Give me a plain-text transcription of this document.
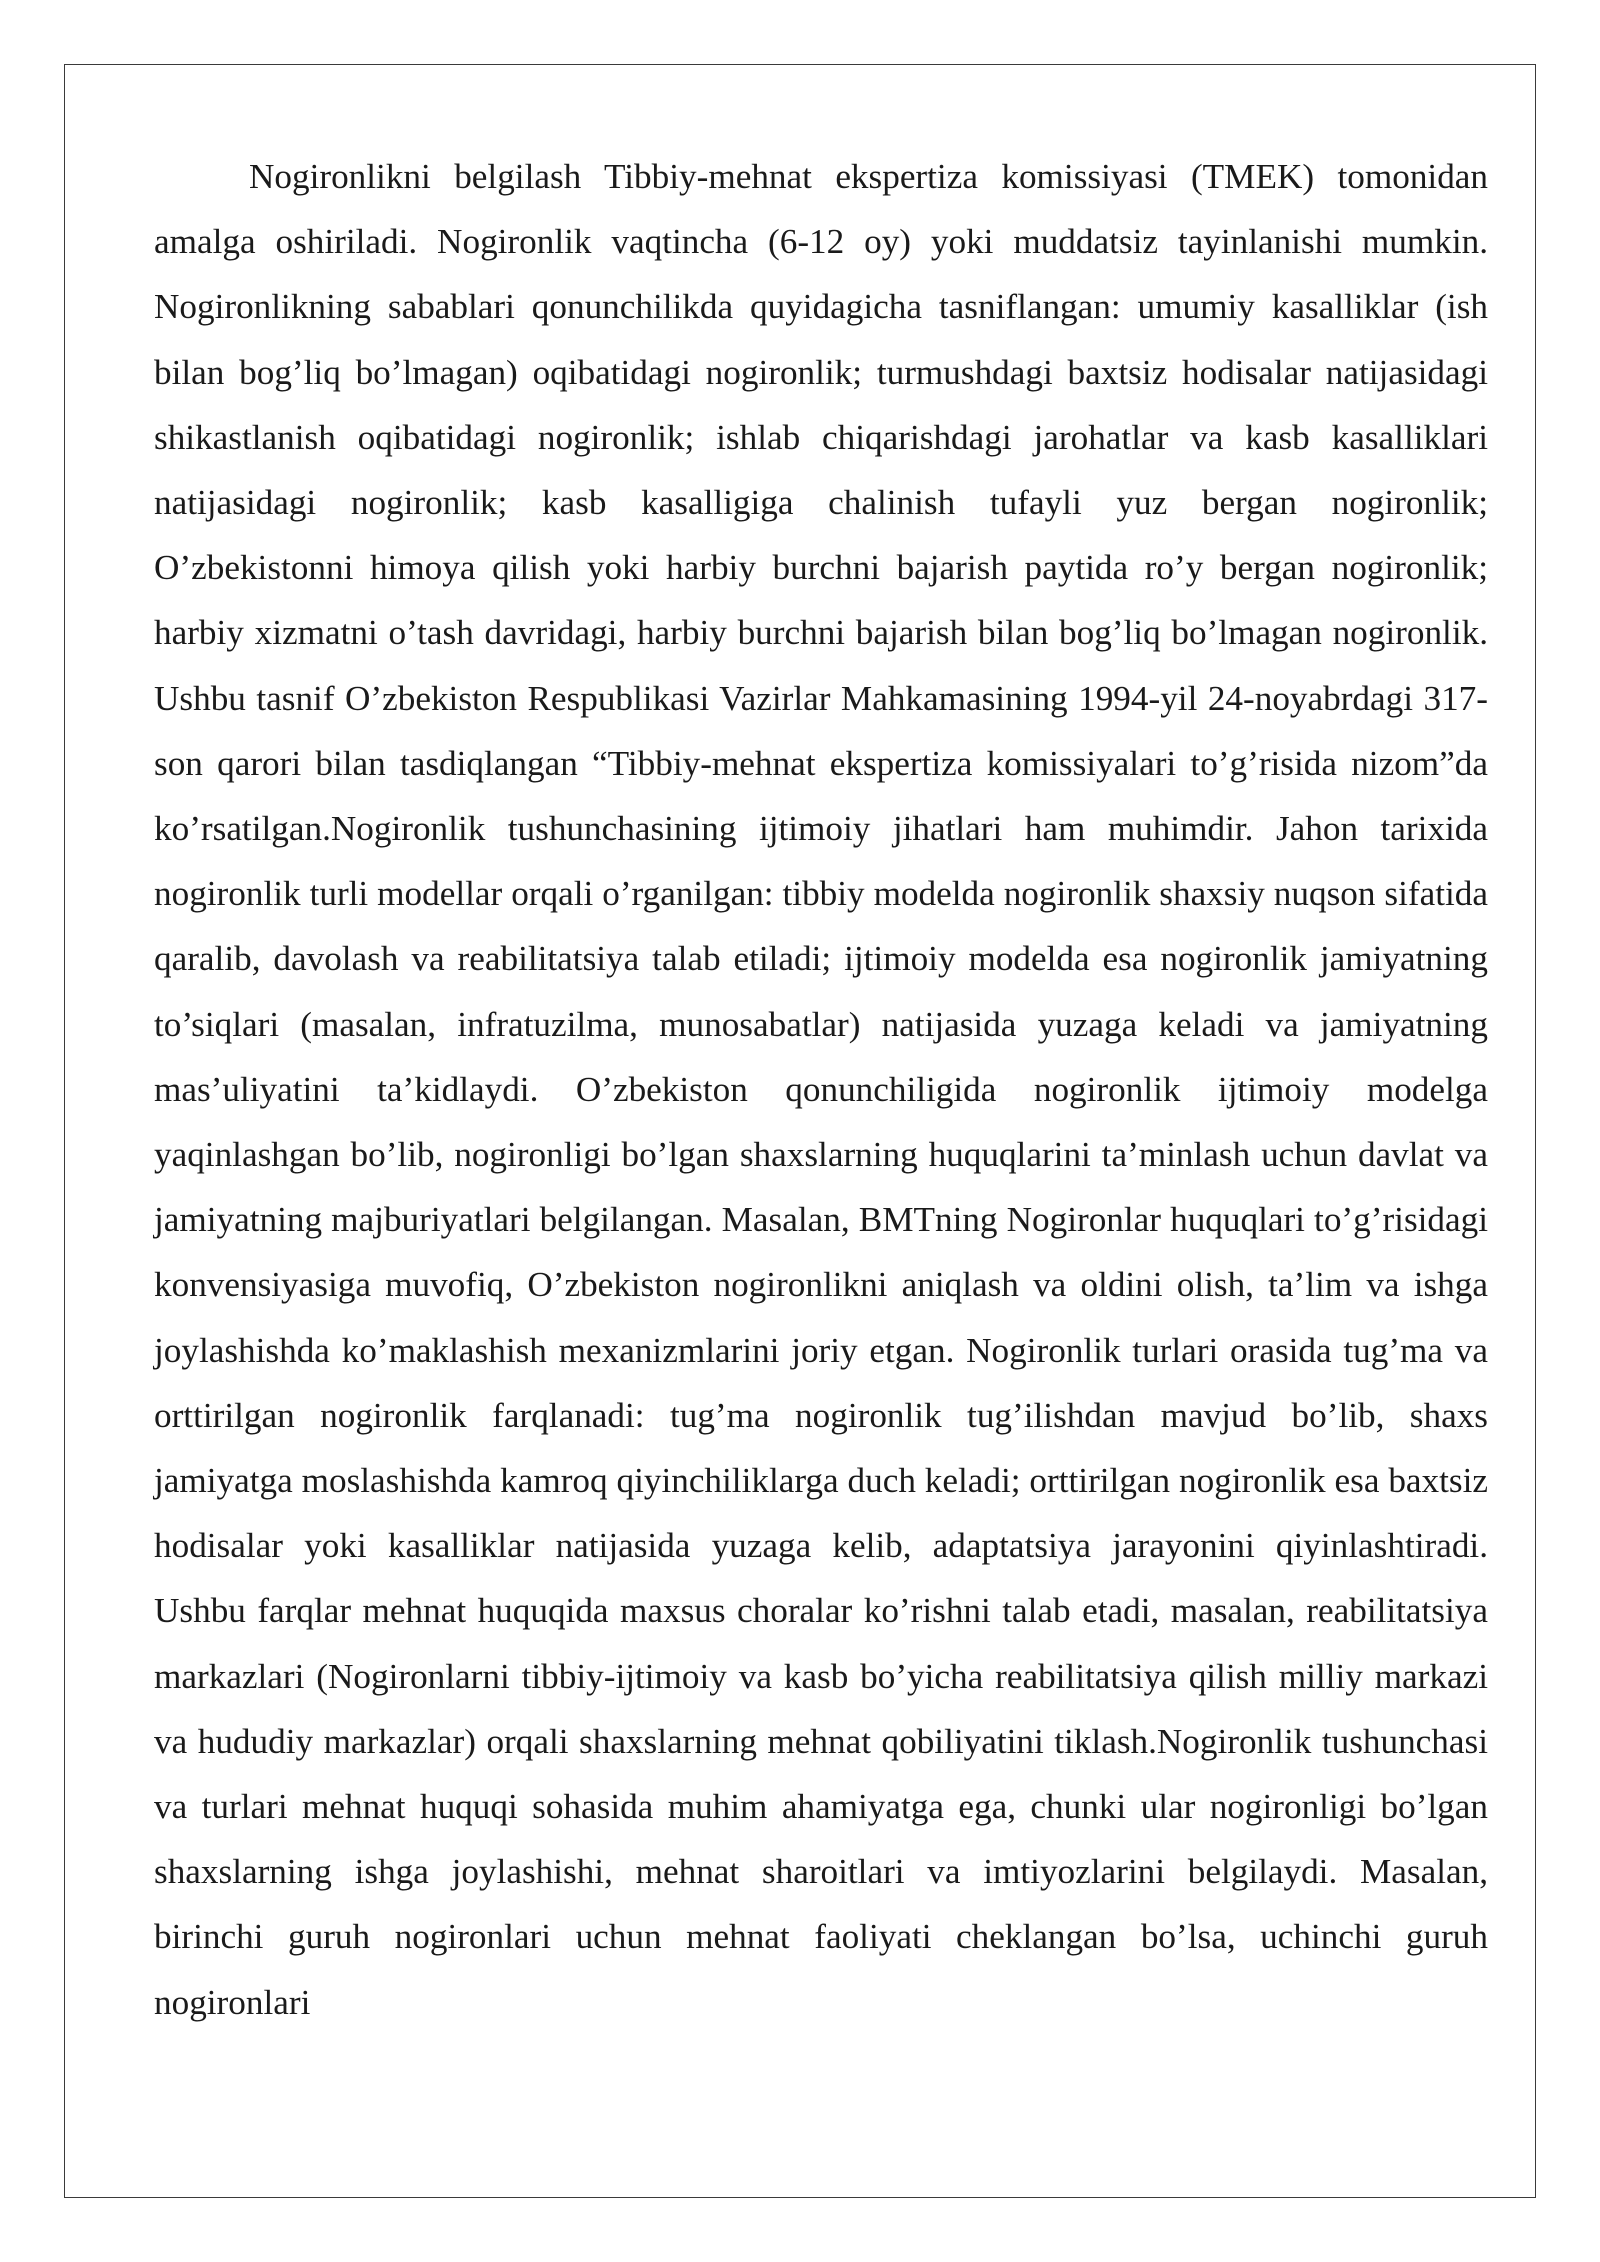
Nogironlikni belgilash Tibbiy-mehnat ekspertiza komissiyasi (TMEK) tomonidan amalga oshiriladi. Nogironlik vaqtincha (6-12 oy) yoki muddatsiz tayinlanishi mumkin. Nogironlikning sabablari qonunchilikda quyidagicha tasniflangan: umumiy kasalliklar (ish bilan bog’liq bo’lmagan) oqibatidagi nogironlik; turmushdagi baxtsiz hodisalar natijasidagi shikastlanish oqibatidagi nogironlik; ishlab chiqarishdagi jarohatlar va kasb kasalliklari natijasidagi nogironlik; kasb kasalligiga chalinish tufayli yuz bergan nogironlik; O’zbekistonni himoya qilish yoki harbiy burchni bajarish paytida ro’y bergan nogironlik; harbiy xizmatni o’tash davridagi, harbiy burchni bajarish bilan bog’liq bo’lmagan nogironlik. Ushbu tasnif O’zbekiston Respublikasi Vazirlar Mahkamasining 1994-yil 24-noyabrdagi 317-son qarori bilan tasdiqlangan “Tibbiy-mehnat ekspertiza komissiyalari to’g’risida nizom”da ko’rsatilgan.Nogironlik tushunchasining ijtimoiy jihatlari ham muhimdir. Jahon tarixida nogironlik turli modellar orqali o’rganilgan: tibbiy modelda nogironlik shaxsiy nuqson sifatida qaralib, davolash va reabilitatsiya talab etiladi; ijtimoiy modelda esa nogironlik jamiyatning to’siqlari (masalan, infratuzilma, munosabatlar) natijasida yuzaga keladi va jamiyatning mas’uliyatini ta’kidlaydi. O’zbekiston qonunchiligida nogironlik ijtimoiy modelga yaqinlashgan bo’lib, nogironligi bo’lgan shaxslarning huquqlarini ta’minlash uchun davlat va jamiyatning majburiyatlari belgilangan. Masalan, BMTning Nogironlar huquqlari to’g’risidagi konvensiyasiga muvofiq, O’zbekiston nogironlikni aniqlash va oldini olish, ta’lim va ishga joylashishda ko’maklashish mexanizmlarini joriy etgan. Nogironlik turlari orasida tug’ma va orttirilgan nogironlik farqlanadi: tug’ma nogironlik tug’ilishdan mavjud bo’lib, shaxs jamiyatga moslashishda kamroq qiyinchiliklarga duch keladi; orttirilgan nogironlik esa baxtsiz hodisalar yoki kasalliklar natijasida yuzaga kelib, adaptatsiya jarayonini qiyinlashtiradi. Ushbu farqlar mehnat huquqida maxsus choralar ko’rishni talab etadi, masalan, reabilitatsiya markazlari (Nogironlarni tibbiy-ijtimoiy va kasb bo’yicha reabilitatsiya qilish milliy markazi va hududiy markazlar) orqali shaxslarning mehnat qobiliyatini tiklash.Nogironlik tushunchasi va turlari mehnat huquqi sohasida muhim ahamiyatga ega, chunki ular nogironligi bo’lgan shaxslarning ishga joylashishi, mehnat sharoitlari va imtiyozlarini belgilaydi. Masalan, birinchi guruh nogironlari uchun mehnat faoliyati cheklangan bo’lsa, uchinchi guruh nogironlari
